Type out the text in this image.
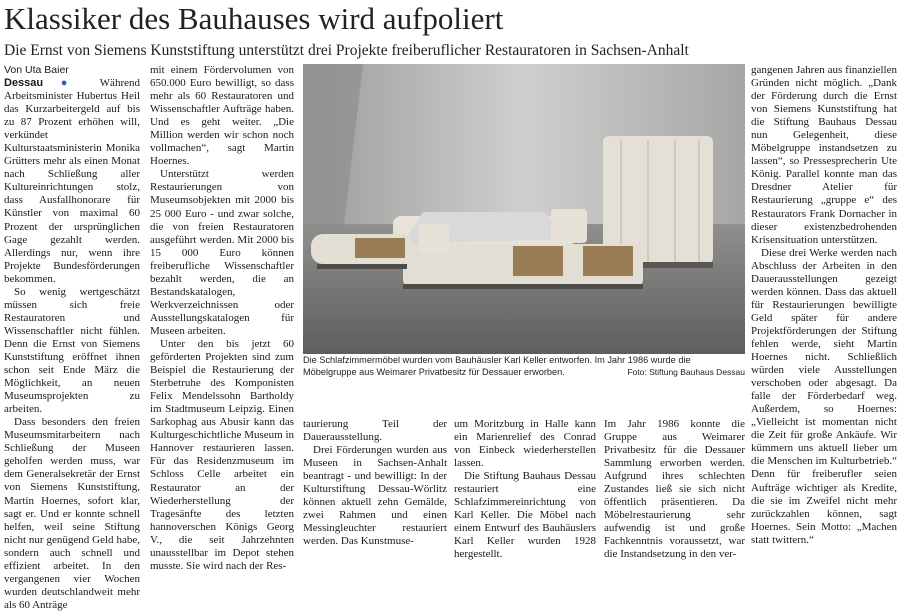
Klassiker des Bauhauses wird aufpoliert
Die Ernst von Siemens Kunststiftung unterstützt drei Projekte freiberuflicher Restauratoren in Sachsen-Anhalt
Von Uta Baier

Dessau ● Während Arbeitsminister Hubertus Heil das Kurzarbeitergeld auf bis zu 87 Prozent erhöhen will, verkündet Kulturstaatsministerin Monika Grütters mehr als einen Monat nach Schließung aller Kultureinrichtungen stolz, dass Ausfallhonorare für Künstler von maximal 60 Prozent der ursprünglichen Gage gezahlt werden. Allerdings nur, wenn ihre Projekte Bundesförderungen bekommen.

So wenig wertgeschätzt müssen sich freie Restauratoren und Wissenschaftler nicht fühlen. Denn die Ernst von Siemens Kunststiftung eröffnet ihnen schon seit Ende März die Möglichkeit, an neuen Museumsprojekten zu arbeiten.

Dass besonders den freien Museumsmitarbeitern nach Schließung der Museen geholfen werden muss, war dem Generalsekretär der Ernst von Siemens Kunststiftung, Martin Hoernes, sofort klar, sagt er. Und er konnte schnell helfen, weil seine Stiftung nicht nur genügend Geld habe, sondern auch schnell und effizient arbeitet. In den vergangenen vier Wochen wurden deutschlandweit mehr als 60 Anträge

mit einem Fördervolumen von 650.000 Euro bewilligt, so dass mehr als 60 Restauratoren und Wissenschaftler Aufträge haben. Und es geht weiter. „Die Million werden wir schon noch vollmachen“, sagt Martin Hoernes.

Unterstützt werden Restaurierungen von Museumsobjekten mit 2000 bis 25 000 Euro - und zwar solche, die von freien Restauratoren ausgeführt werden. Mit 2000 bis 15 000 Euro können freiberufliche Wissenschaftler bezahlt werden, die an Bestandskatalogen, Werkverzeichnissen oder Ausstellungskatalogen für Museen arbeiten.

Unter den bis jetzt 60 geförderten Projekten sind zum Beispiel die Restaurierung der Sterbetruhe des Komponisten Felix Mendelssohn Bartholdy im Stadtmuseum Leipzig. Einen Sarkophag aus Abusir kann das Kulturgeschichtliche Museum in Hannover restaurieren lassen. Für das Residenzmuseum im Schloss Celle arbeitet ein Restaurator an der Wiederherstellung der Tragesänfte des letzten hannoverschen Königs Georg V., die seit Jahrzehnten unausstellbar im Depot stehen musste. Sie wird nach der Res-

Die Schlafzimmermöbel wurden vom Bauhäusler Karl Keller entworfen. Im Jahr 1986 wurde die Möbelgruppe aus Weimarer Privatbesitz für Dessauer erworben.	Foto: Stiftung Bauhaus Dessau

taurierung Teil der Dauerausstellung.

Drei Förderungen wurden aus Museen in Sachsen-Anhalt beantragt - und bewilligt: In der Kulturstiftung Dessau-Wörlitz können aktuell zehn Gemälde, zwei Rahmen und einen Messingleuchter restauriert werden. Das Kunstmuse-

um Moritzburg in Halle kann ein Marienrelief des Conrad von Einbeck wiederherstellen lassen.

Die Stiftung Bauhaus Dessau restauriert eine Schlafzimmereinrichtung von Karl Keller. Die Möbel nach einem Entwurf des Bauhäuslers Karl Keller wurden 1928 hergestellt.

Im Jahr 1986 konnte die Gruppe aus Weimarer Privatbesitz für die Dessauer Sammlung erworben werden. Aufgrund ihres schlechten Zustandes ließ sie sich nicht öffentlich präsentieren. Da Möbelrestaurierung sehr aufwendig ist und große Fachkenntnis voraussetzt, war die Instandsetzung in den ver-

gangenen Jahren aus finanziellen Gründen nicht möglich. „Dank der Förderung durch die Ernst von Siemens Kunststiftung hat die Stiftung Bauhaus Dessau nun Gelegenheit, diese Möbelgruppe instandsetzen zu lassen“, so Pressesprecherin Ute König. Parallel konnte man das Dresdner Atelier für Restaurierung „gruppe e“ des Restaurators Frank Dornacher in dieser existenzbedrohenden Krisensituation unterstützen.

Diese drei Werke werden nach Abschluss der Arbeiten in den Dauerausstellungen gezeigt werden können. Dass das aktuell für Restaurierungen bewilligte Geld später für andere Projektförderungen der Stiftung fehlen werde, sieht Martin Hoernes nicht. Schließlich würden viele Ausstellungen verschoben oder abgesagt. Da falle der Förderbedarf weg. Außerdem, so Hoernes: „Vielleicht ist momentan nicht die Zeit für große Ankäufe. Wir kümmern uns aktuell lieber um die Menschen im Kulturbetrieb.“ Denn für freiberufler seien Aufträge wichtiger als Kredite, die sie im Zweifel nicht mehr zurückzahlen können, sagt Hoernes. Sein Motto: „Machen statt twittern.“
